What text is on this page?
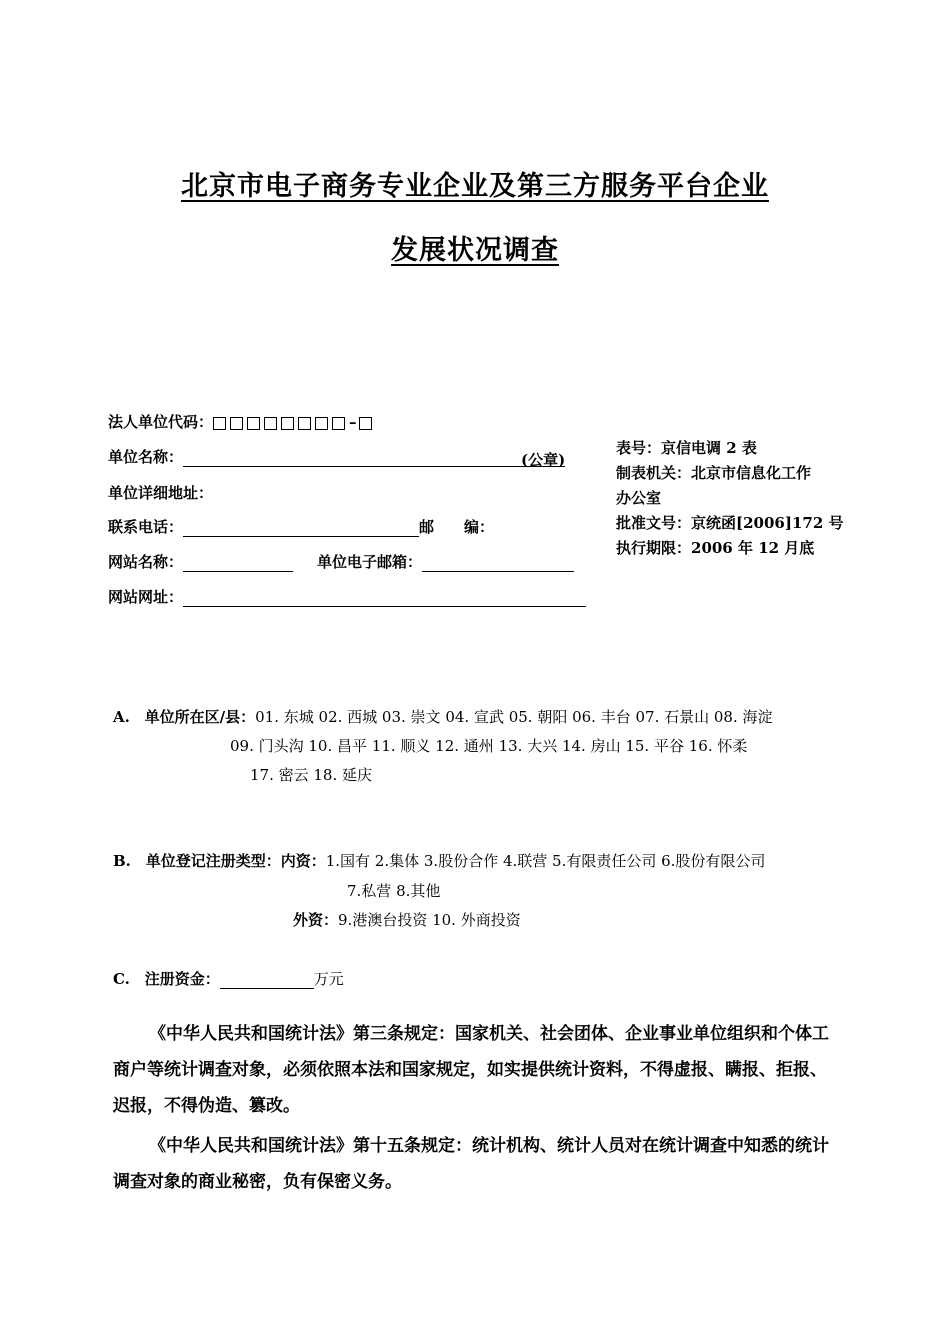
北京市电子商务专业企业及第三方服务平台企业
发展状况调查
法人单位代码：	–
单位名称：	(公章)
单位详细地址：
联系电话：	邮　　编：
网站名称：	单位电子邮箱：
网站网址：
表号：京信电调 2 表
制表机关：北京市信息化工作
办公室
批准文号：京统函[2006]172 号
执行期限：2006 年 12 月底
A. 单位所在区/县：01. 东城 02. 西城 03. 崇文 04. 宣武 05. 朝阳 06. 丰台 07. 石景山 08. 海淀
09. 门头沟 10. 昌平 11. 顺义 12. 通州 13. 大兴 14. 房山 15. 平谷 16. 怀柔
17. 密云 18. 延庆
B. 单位登记注册类型：内资：1.国有 2.集体 3.股份合作 4.联营 5.有限责任公司 6.股份有限公司
7.私营 8.其他
外资：9.港澳台投资 10. 外商投资
C. 注册资金：	万元
《中华人民共和国统计法》第三条规定：国家机关、社会团体、企业事业单位组织和个体工商户等统计调查对象，必须依照本法和国家规定，如实提供统计资料，不得虚报、瞒报、拒报、迟报，不得伪造、篡改。
《中华人民共和国统计法》第十五条规定：统计机构、统计人员对在统计调查中知悉的统计调查对象的商业秘密，负有保密义务。
